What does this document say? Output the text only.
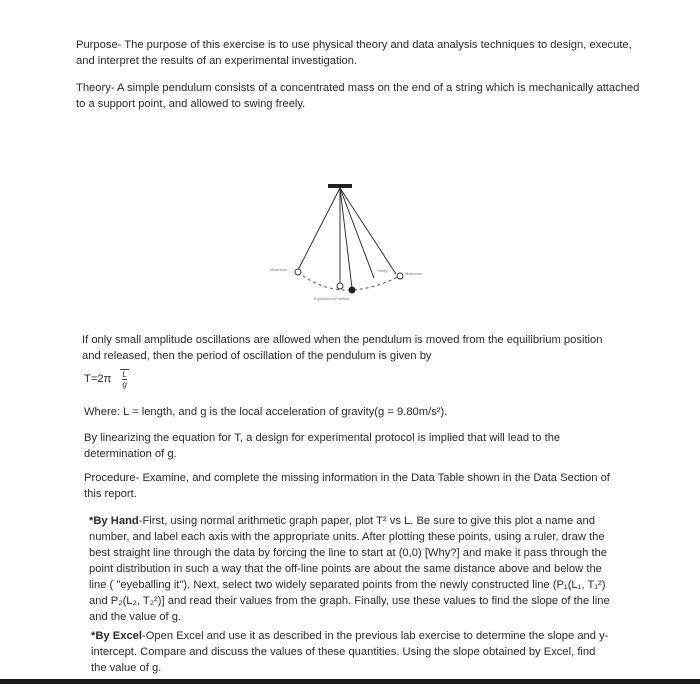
Purpose- The purpose of this exercise is to use physical theory and data analysis techniques to design, execute, and interpret the results of an experimental investigation.

Theory- A simple pendulum consists of a concentrated mass on the end of a string which is mechanically attached to a support point, and allowed to swing freely.

Maximum	String
Maximum
Equilibrium Position

If only small amplitude oscillations are allowed when the pendulum is moved from the equilibrium position and released, then the period of oscillation of the pendulum is given by

$T=2\pi \frac{L}{g}$

Where: L = length, and g is the local acceleration of gravity(g = 9.80m/s²).

By linearizing the equation for T, a design for experimental protocol is implied that will lead to the determination of g.

Procedure- Examine, and complete the missing information in the Data Table shown in the Data Section of this report.

*By Hand-First, using normal arithmetic graph paper, plot T² vs L. Be sure to give this plot a name and number, and label each axis with the appropriate units. After plotting these points, using a ruler, draw the best straight line through the data by forcing the line to start at (0,0) [Why?] and make it pass through the point distribution in such a way that the off-line points are about the same distance above and below the line ( "eyeballing it"). Next, select two widely separated points from the newly constructed line (P₁(L₁, T₁²) and P₂(L₂, T₂²)] and read their values from the graph. Finally, use these values to find the slope of the line and the value of g.

*By Excel-Open Excel and use it as described in the previous lab exercise to determine the slope and y-intercept. Compare and discuss the values of these quantities. Using the slope obtained by Excel, find the value of g.
